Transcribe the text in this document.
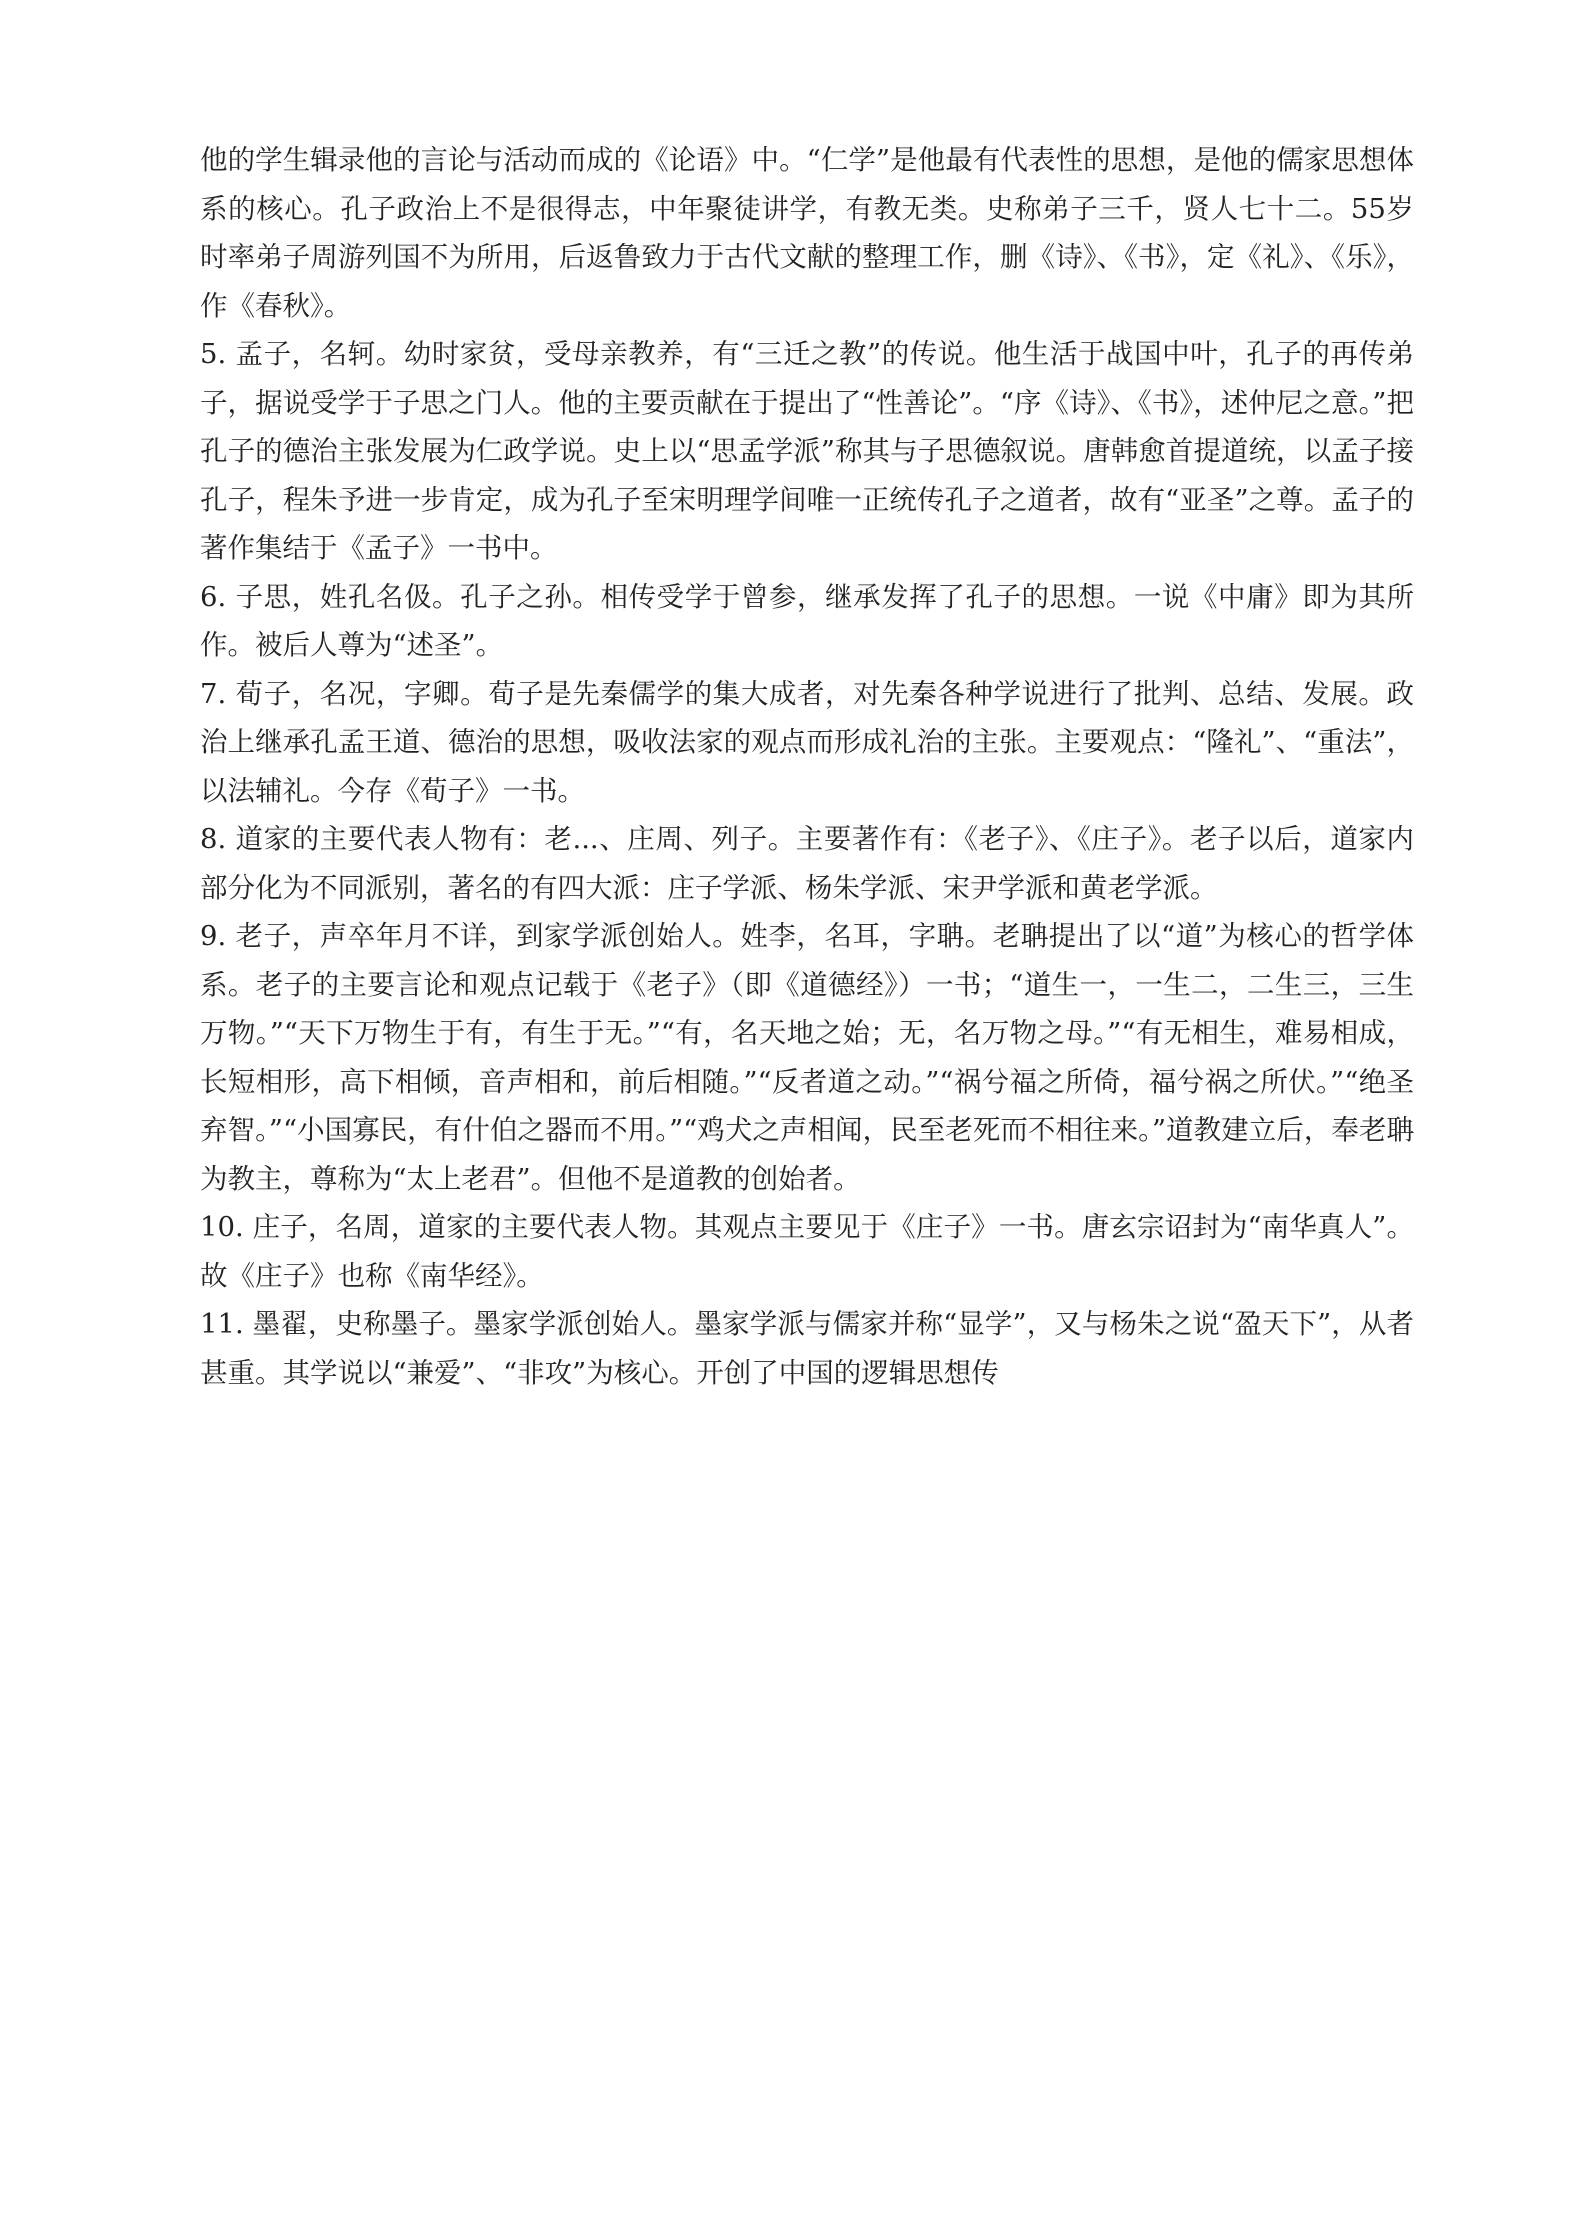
他的学生辑录他的言论与活动而成的《论语》中。“仁学”是他最有代表性的思想，是他的儒家思想体系的核心。孔子政治上不是很得志，中年聚徒讲学，有教无类。史称弟子三千，贤人七十二。55岁时率弟子周游列国不为所用，后返鲁致力于古代文献的整理工作，删《诗》、《书》，定《礼》、《乐》，作《春秋》。

5. 孟子，名轲。幼时家贫，受母亲教养，有“三迁之教”的传说。他生活于战国中叶，孔子的再传弟子，据说受学于子思之门人。他的主要贡献在于提出了“性善论”。“序《诗》、《书》，述仲尼之意。”把孔子的德治主张发展为仁政学说。史上以“思孟学派”称其与子思德叙说。唐韩愈首提道统，以孟子接孔子，程朱予进一步肯定，成为孔子至宋明理学间唯一正统传孔子之道者，故有“亚圣”之尊。孟子的著作集结于《孟子》一书中。

6. 子思，姓孔名伋。孔子之孙。相传受学于曾参，继承发挥了孔子的思想。一说《中庸》即为其所作。被后人尊为“述圣”。

7. 荀子，名况，字卿。荀子是先秦儒学的集大成者，对先秦各种学说进行了批判、总结、发展。政治上继承孔孟王道、德治的思想，吸收法家的观点而形成礼治的主张。主要观点：“隆礼”、“重法”，以法辅礼。今存《荀子》一书。

8. 道家的主要代表人物有：老...、庄周、列子。主要著作有：《老子》、《庄子》。老子以后，道家内部分化为不同派别，著名的有四大派：庄子学派、杨朱学派、宋尹学派和黄老学派。

9. 老子，声卒年月不详，到家学派创始人。姓李，名耳，字聃。老聃提出了以“道”为核心的哲学体系。老子的主要言论和观点记载于《老子》（即《道德经》）一书；“道生一，一生二，二生三，三生万物。”“天下万物生于有，有生于无。”“有，名天地之始；无，名万物之母。”“有无相生，难易相成，长短相形，高下相倾，音声相和，前后相随。”“反者道之动。”“祸兮福之所倚，福兮祸之所伏。”“绝圣弃智。”“小国寡民，有什伯之器而不用。”“鸡犬之声相闻，民至老死而不相往来。”道教建立后，奉老聃为教主，尊称为“太上老君”。但他不是道教的创始者。

10. 庄子，名周，道家的主要代表人物。其观点主要见于《庄子》一书。唐玄宗诏封为“南华真人”。故《庄子》也称《南华经》。

11. 墨翟，史称墨子。墨家学派创始人。墨家学派与儒家并称“显学”，又与杨朱之说“盈天下”，从者甚重。其学说以“兼爱”、“非攻”为核心。开创了中国的逻辑思想传
